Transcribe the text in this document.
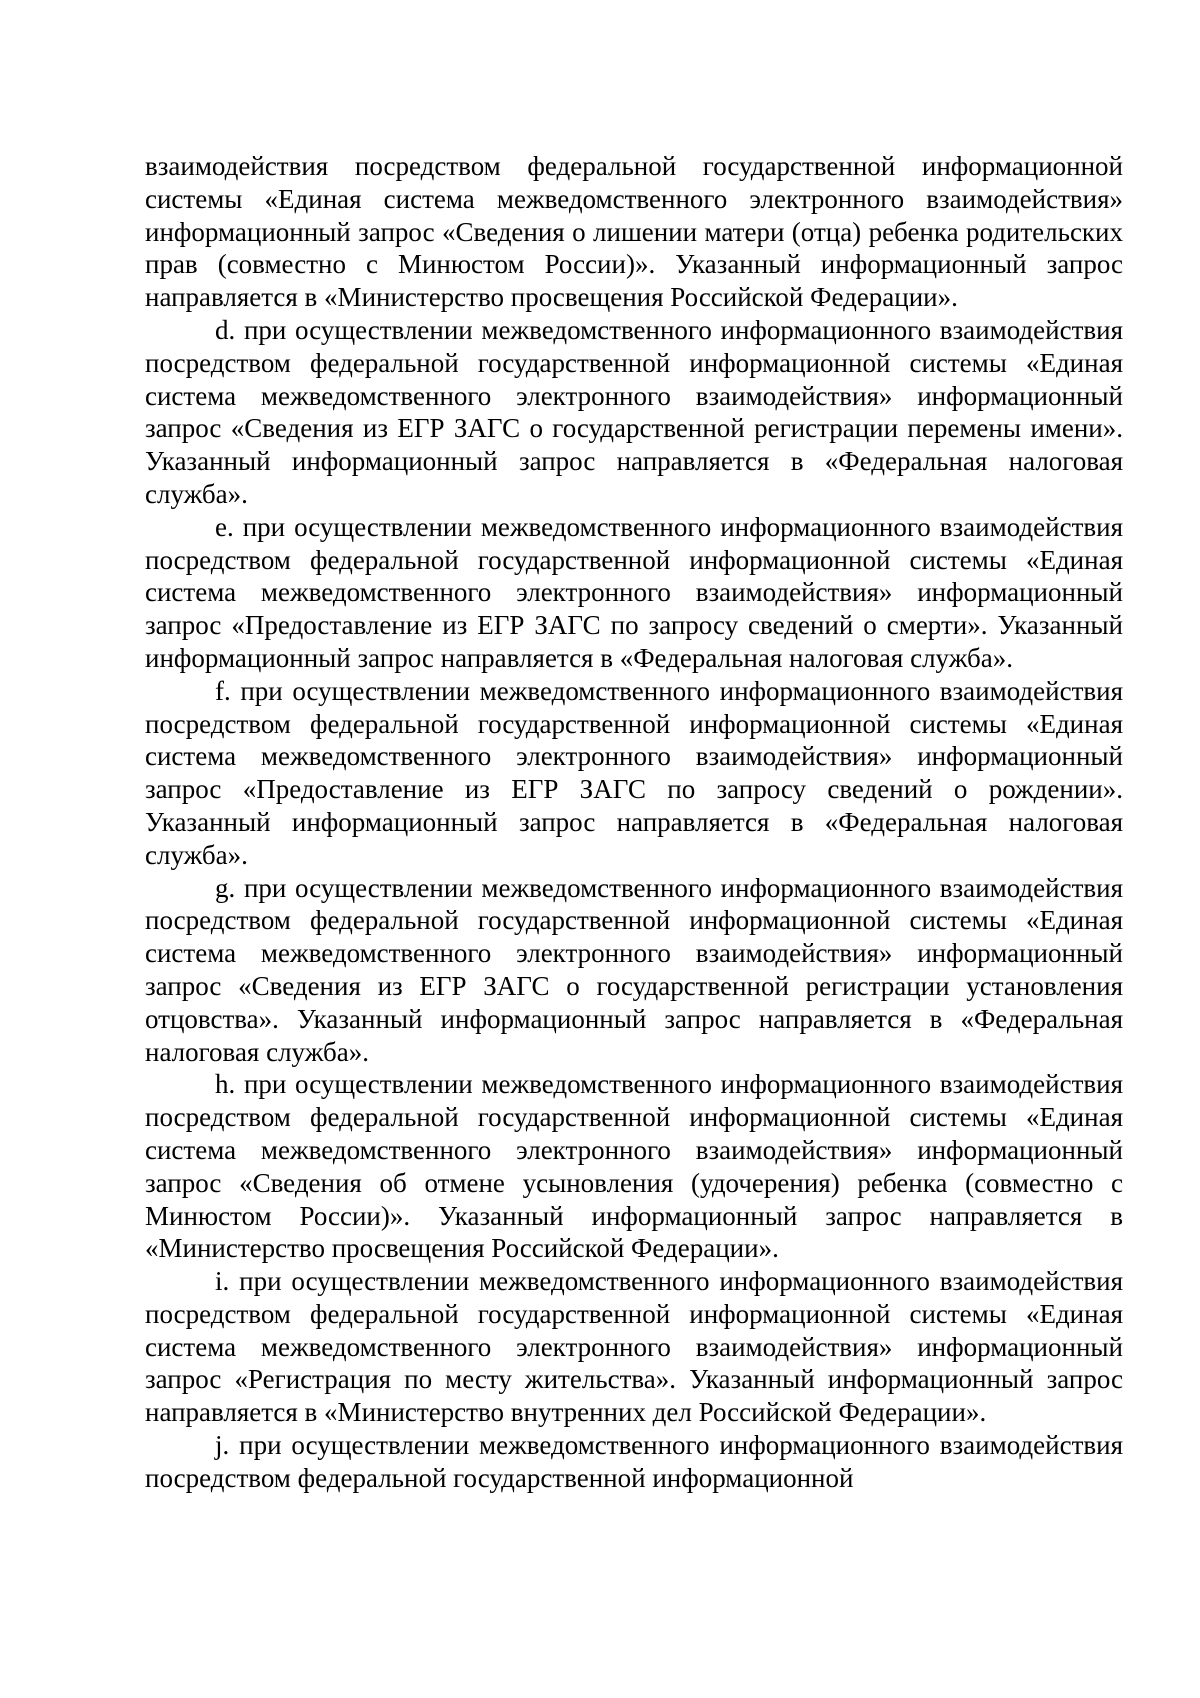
взаимодействия посредством федеральной государственной информационной системы «Единая система межведомственного электронного взаимодействия» информационный запрос «Сведения о лишении матери (отца) ребенка родительских прав (совместно с Минюстом России)». Указанный информационный запрос направляется в «Министерство просвещения Российской Федерации».

d. при осуществлении межведомственного информационного взаимодействия посредством федеральной государственной информационной системы «Единая система межведомственного электронного взаимодействия» информационный запрос «Сведения из ЕГР ЗАГС о государственной регистрации перемены имени». Указанный информационный запрос направляется в «Федеральная налоговая служба».

e. при осуществлении межведомственного информационного взаимодействия посредством федеральной государственной информационной системы «Единая система межведомственного электронного взаимодействия» информационный запрос «Предоставление из ЕГР ЗАГС по запросу сведений о смерти». Указанный информационный запрос направляется в «Федеральная налоговая служба».

f. при осуществлении межведомственного информационного взаимодействия посредством федеральной государственной информационной системы «Единая система межведомственного электронного взаимодействия» информационный запрос «Предоставление из ЕГР ЗАГС по запросу сведений о рождении». Указанный информационный запрос направляется в «Федеральная налоговая служба».

g. при осуществлении межведомственного информационного взаимодействия посредством федеральной государственной информационной системы «Единая система межведомственного электронного взаимодействия» информационный запрос «Сведения из ЕГР ЗАГС о государственной регистрации установления отцовства». Указанный информационный запрос направляется в «Федеральная налоговая служба».

h. при осуществлении межведомственного информационного взаимодействия посредством федеральной государственной информационной системы «Единая система межведомственного электронного взаимодействия» информационный запрос «Сведения об отмене усыновления (удочерения) ребенка (совместно с Минюстом России)». Указанный информационный запрос направляется в «Министерство просвещения Российской Федерации».

i. при осуществлении межведомственного информационного взаимодействия посредством федеральной государственной информационной системы «Единая система межведомственного электронного взаимодействия» информационный запрос «Регистрация по месту жительства». Указанный информационный запрос направляется в «Министерство внутренних дел Российской Федерации».

j. при осуществлении межведомственного информационного взаимодействия посредством федеральной государственной информационной
